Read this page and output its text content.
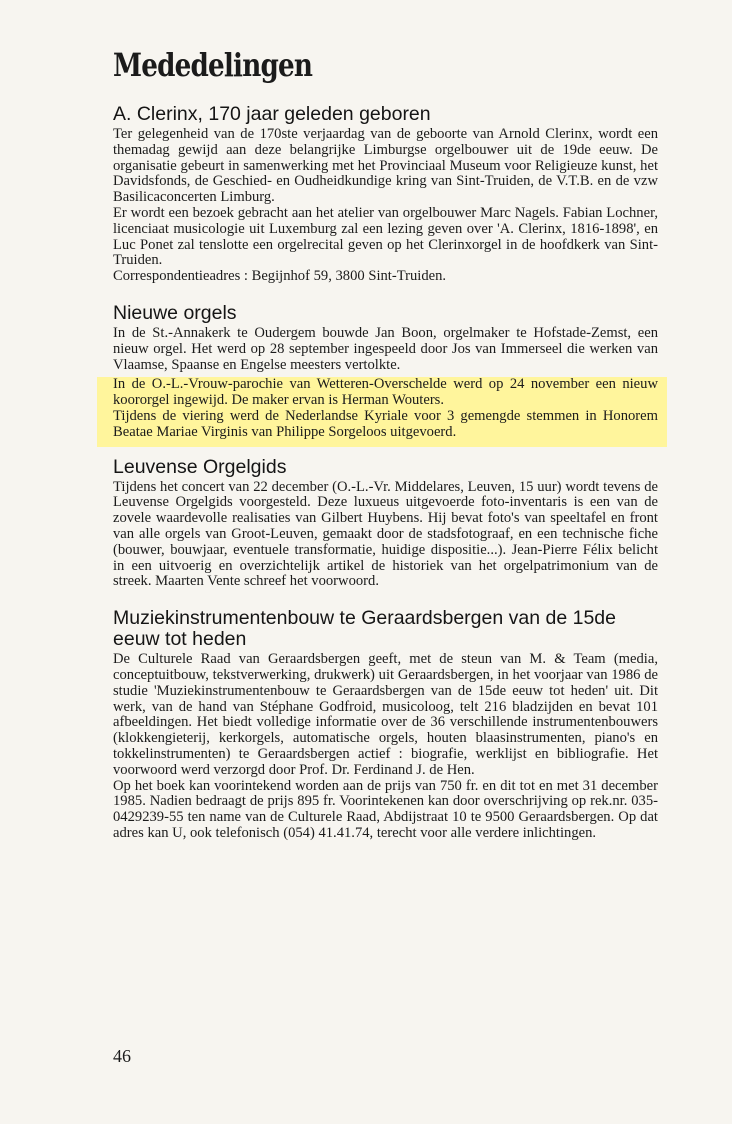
Mededelingen
A. Clerinx, 170 jaar geleden geboren

Ter gelegenheid van de 170ste verjaardag van de geboorte van Arnold Clerinx, wordt een themadag gewijd aan deze belangrijke Limburgse orgelbouwer uit de 19de eeuw. De organisatie gebeurt in samenwerking met het Provinciaal Museum voor Religieuze kunst, het Davidsfonds, de Geschied- en Oudheidkundige kring van Sint-Truiden, de V.T.B. en de vzw Basilicaconcerten Limburg.

Er wordt een bezoek gebracht aan het atelier van orgelbouwer Marc Nagels. Fabian Lochner, licenciaat musicologie uit Luxemburg zal een lezing geven over 'A. Clerinx, 1816-1898', en Luc Ponet zal tenslotte een orgelrecital geven op het Clerinxorgel in de hoofdkerk van Sint-Truiden.

Correspondentieadres : Begijnhof 59, 3800 Sint-Truiden.

Nieuwe orgels

In de St.-Annakerk te Oudergem bouwde Jan Boon, orgelmaker te Hofstade-Zemst, een nieuw orgel. Het werd op 28 september ingespeeld door Jos van Immerseel die werken van Vlaamse, Spaanse en Engelse meesters vertolkte.

In de O.-L.-Vrouw-parochie van Wetteren-Overschelde werd op 24 november een nieuw koororgel ingewijd. De maker ervan is Herman Wouters.

Tijdens de viering werd de Nederlandse Kyriale voor 3 gemengde stemmen in Honorem Beatae Mariae Virginis van Philippe Sorgeloos uitgevoerd.

Leuvense Orgelgids

Tijdens het concert van 22 december (O.-L.-Vr. Middelares, Leuven, 15 uur) wordt tevens de Leuvense Orgelgids voorgesteld. Deze luxueus uitgevoerde foto-inventaris is een van de zovele waardevolle realisaties van Gilbert Huybens. Hij bevat foto's van speeltafel en front van alle orgels van Groot-Leuven, gemaakt door de stadsfotograaf, en een technische fiche (bouwer, bouwjaar, eventuele transformatie, huidige dispositie...). Jean-Pierre Félix belicht in een uitvoerig en overzichtelijk artikel de historiek van het orgelpatrimonium van de streek. Maarten Vente schreef het voorwoord.

Muziekinstrumentenbouw te Geraardsbergen van de 15de eeuw tot heden

De Culturele Raad van Geraardsbergen geeft, met de steun van M. & Team (media, conceptuitbouw, tekstverwerking, drukwerk) uit Geraardsbergen, in het voorjaar van 1986 de studie 'Muziekinstrumentenbouw te Geraardsbergen van de 15de eeuw tot heden' uit. Dit werk, van de hand van Stéphane Godfroid, musicoloog, telt 216 bladzijden en bevat 101 afbeeldingen. Het biedt volledige informatie over de 36 verschillende instrumentenbouwers (klokkengieterij, kerkorgels, automatische orgels, houten blaasinstrumenten, piano's en tokkelinstrumenten) te Geraardsbergen actief : biografie, werklijst en bibliografie. Het voorwoord werd verzorgd door Prof. Dr. Ferdinand J. de Hen.

Op het boek kan voorintekend worden aan de prijs van 750 fr. en dit tot en met 31 december 1985. Nadien bedraagt de prijs 895 fr. Voorintekenen kan door overschrijving op rek.nr. 035-0429239-55 ten name van de Culturele Raad, Abdijstraat 10 te 9500 Geraardsbergen. Op dat adres kan U, ook telefonisch (054) 41.41.74, terecht voor alle verdere inlichtingen.

46
